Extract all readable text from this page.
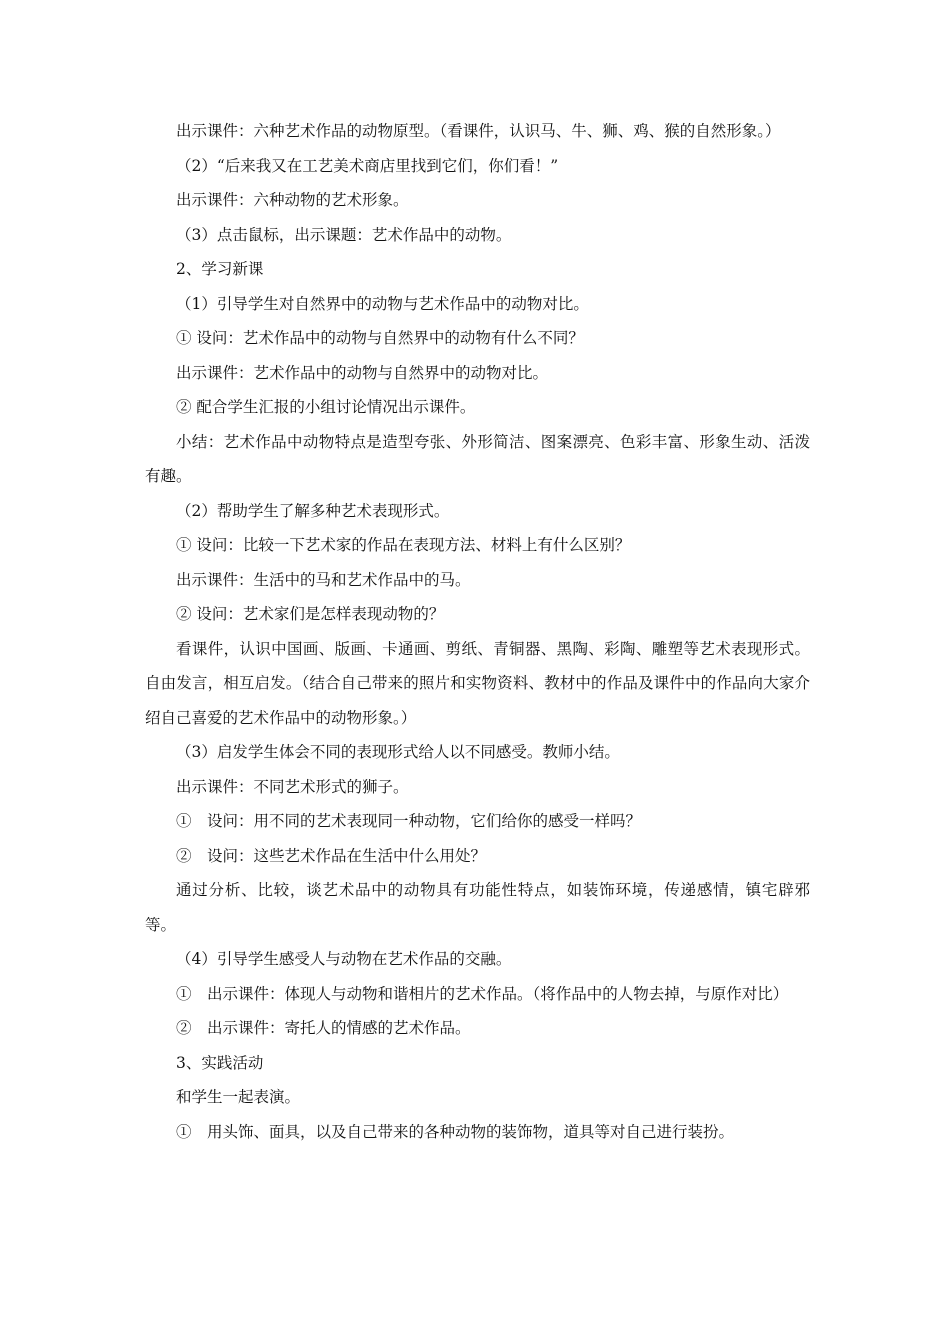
出示课件：六种艺术作品的动物原型。（看课件，认识马、牛、狮、鸡、猴的自然形象。）

（2）“后来我又在工艺美术商店里找到它们，你们看！”

出示课件：六种动物的艺术形象。

（3）点击鼠标，出示课题：艺术作品中的动物。

2、学习新课

（1）引导学生对自然界中的动物与艺术作品中的动物对比。

① 设问：艺术作品中的动物与自然界中的动物有什么不同？

出示课件：艺术作品中的动物与自然界中的动物对比。

② 配合学生汇报的小组讨论情况出示课件。

小结：艺术作品中动物特点是造型夸张、外形简洁、图案漂亮、色彩丰富、形象生动、活泼有趣。

（2）帮助学生了解多种艺术表现形式。

① 设问：比较一下艺术家的作品在表现方法、材料上有什么区别？

出示课件：生活中的马和艺术作品中的马。

② 设问：艺术家们是怎样表现动物的？

看课件，认识中国画、版画、卡通画、剪纸、青铜器、黑陶、彩陶、雕塑等艺术表现形式。自由发言，相互启发。（结合自己带来的照片和实物资料、教材中的作品及课件中的作品向大家介绍自己喜爱的艺术作品中的动物形象。）

（3）启发学生体会不同的表现形式给人以不同感受。教师小结。

出示课件：不同艺术形式的狮子。

①　设问：用不同的艺术表现同一种动物，它们给你的感受一样吗？

②　设问：这些艺术作品在生活中什么用处？

通过分析、比较，谈艺术品中的动物具有功能性特点，如装饰环境，传递感情，镇宅辟邪等。

（4）引导学生感受人与动物在艺术作品的交融。

①　出示课件：体现人与动物和谐相片的艺术作品。（将作品中的人物去掉，与原作对比）

②　出示课件：寄托人的情感的艺术作品。

3、实践活动

和学生一起表演。

①　用头饰、面具，以及自己带来的各种动物的装饰物，道具等对自己进行装扮。
